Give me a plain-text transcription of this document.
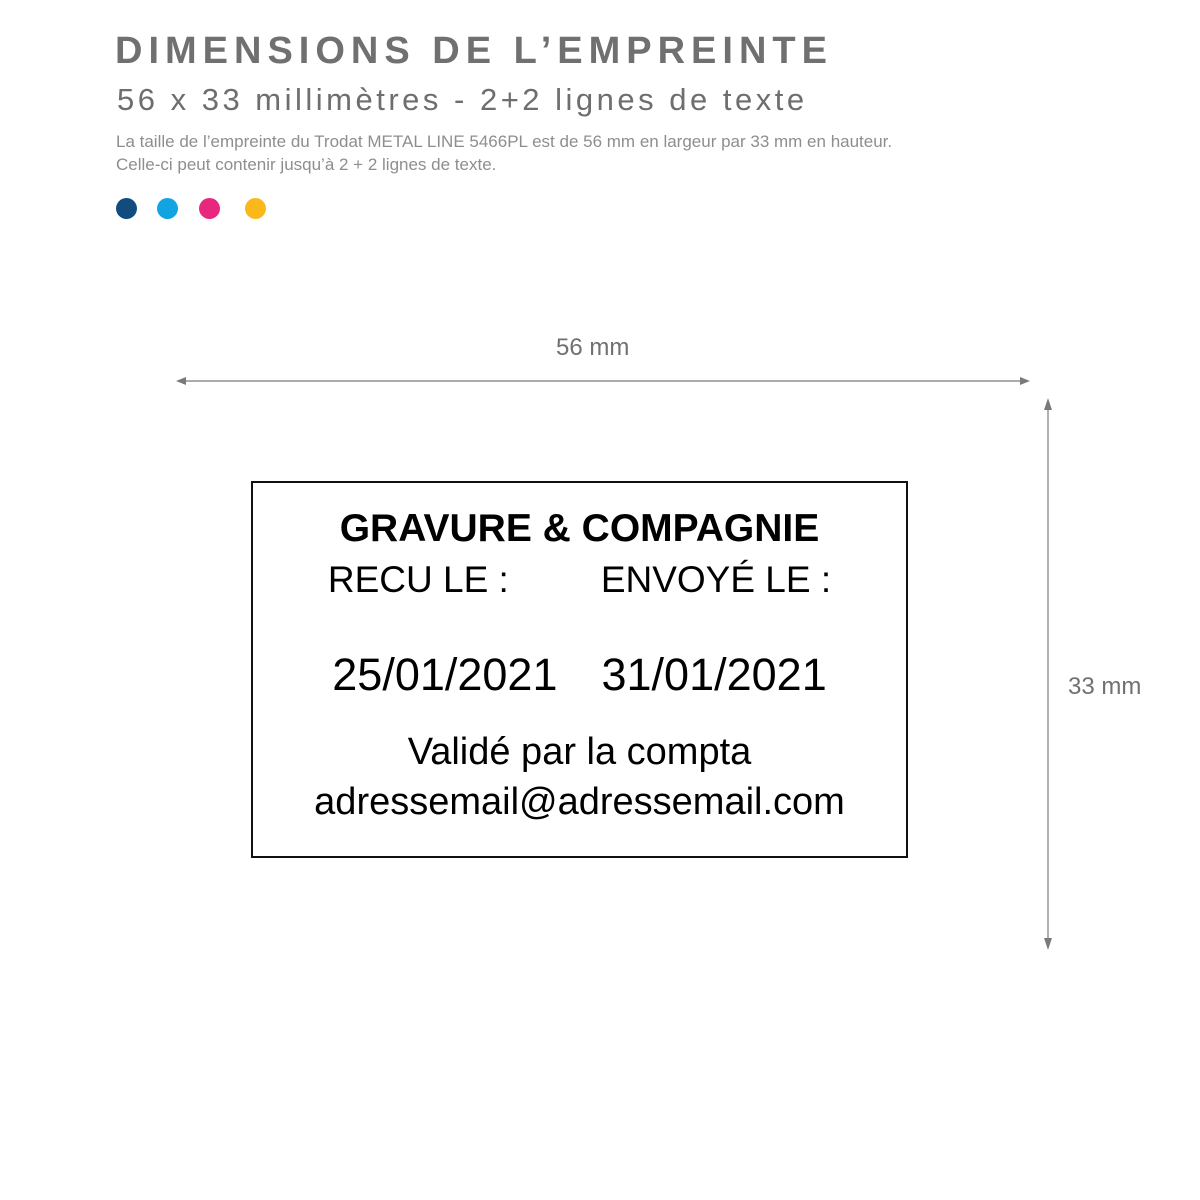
DIMENSIONS DE L’EMPREINTE

56 x 33 millimètres - 2+2 lignes de texte

La taille de l’empreinte du Trodat METAL LINE 5466PL est de 56 mm en largeur par 33 mm en hauteur.
Celle-ci peut contenir jusqu’à 2 + 2 lignes de texte.

56 mm
33 mm
GRAVURE & COMPAGNIE
RECU LE : ENVOYÉ LE :
25/01/2021 31/01/2021
Validé par la compta
adressemail@adressemail.com
